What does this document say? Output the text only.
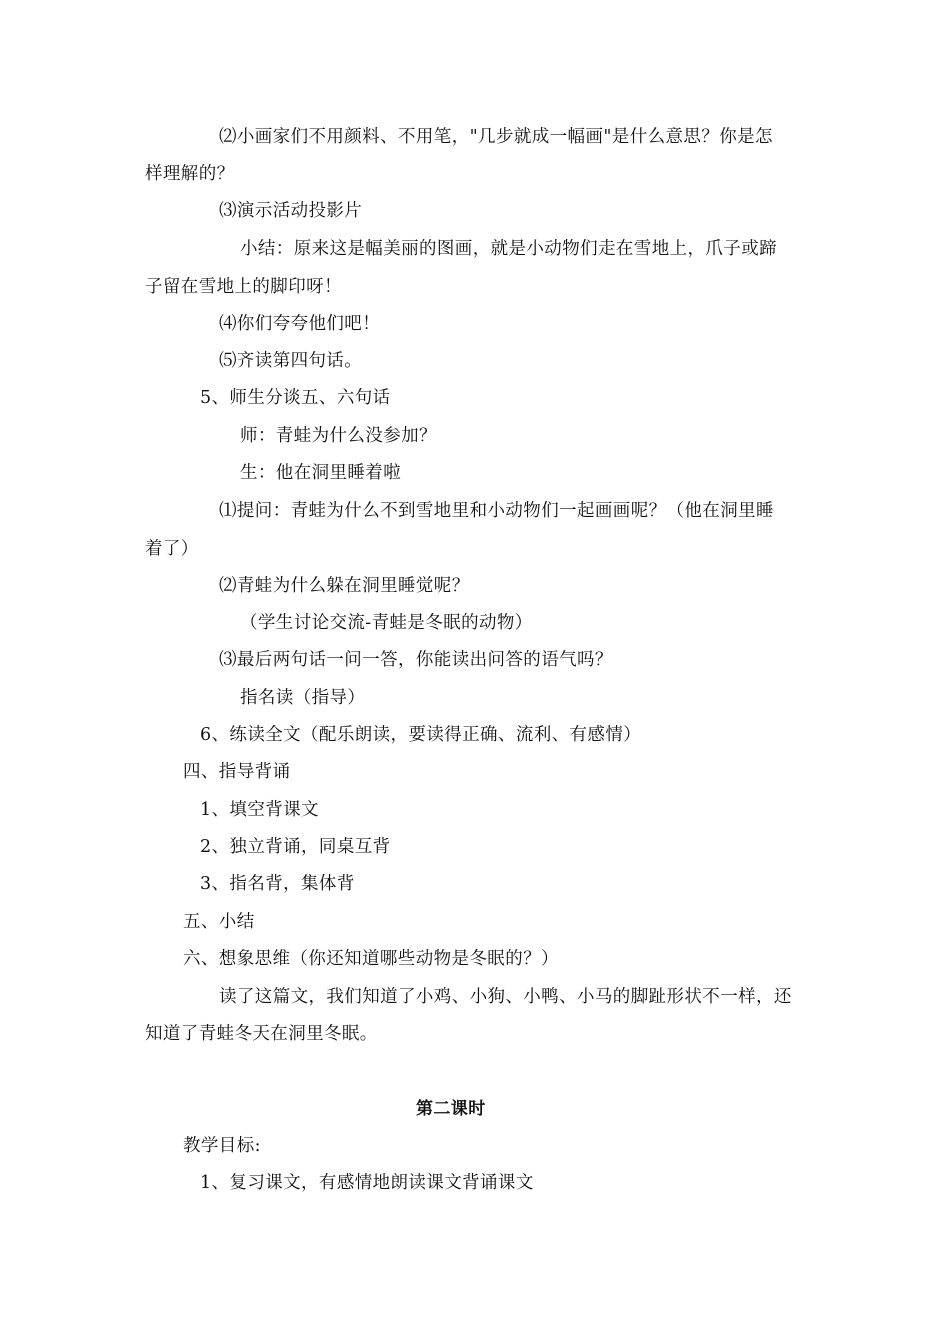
⑵小画家们不用颜料、不用笔，"几步就成一幅画"是什么意思？你是怎
样理解的？
⑶演示活动投影片
小结：原来这是幅美丽的图画，就是小动物们走在雪地上，爪子或蹄
子留在雪地上的脚印呀！
⑷你们夸夸他们吧！
⑸齐读第四句话。
5、师生分谈五、六句话
师：青蛙为什么没参加？
生：他在洞里睡着啦
⑴提问：青蛙为什么不到雪地里和小动物们一起画画呢？（他在洞里睡
着了）
⑵青蛙为什么躲在洞里睡觉呢？
（学生讨论交流-青蛙是冬眠的动物）
⑶最后两句话一问一答，你能读出问答的语气吗？
指名读（指导）
6、练读全文（配乐朗读，要读得正确、流利、有感情）
四、指导背诵
1、填空背课文
2、独立背诵，同桌互背
3、指名背，集体背
五、小结
六、想象思维（你还知道哪些动物是冬眠的？）
读了这篇文，我们知道了小鸡、小狗、小鸭、小马的脚趾形状不一样，还
知道了青蛙冬天在洞里冬眠。
第二课时
教学目标:
1、复习课文，有感情地朗读课文背诵课文
